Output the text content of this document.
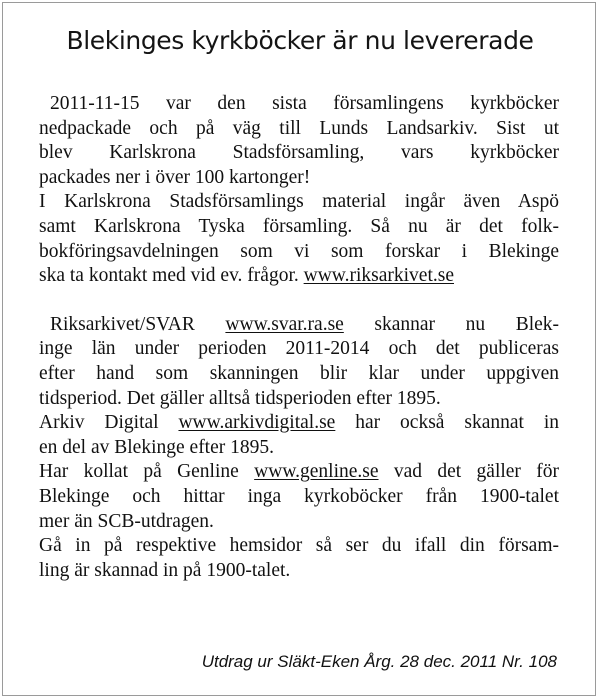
Blekinges kyrkböcker är nu levererade
2011-11-15 var den sista församlingens kyrkböcker
nedpackade och på väg till Lunds Landsarkiv. Sist ut
blev Karlskrona Stadsförsamling, vars kyrkböcker
packades ner i över 100 kartonger!
I Karlskrona Stadsförsamlings material ingår även Aspö
samt Karlskrona Tyska församling. Så nu är det folk-
bokföringsavdelningen som vi som forskar i Blekinge
ska ta kontakt med vid ev. frågor. www.riksarkivet.se
Riksarkivet/SVAR www.svar.ra.se skannar nu Blek-
inge län under perioden 2011-2014 och det publiceras
efter hand som skanningen blir klar under uppgiven
tidsperiod. Det gäller alltså tidsperioden efter 1895.
Arkiv Digital www.arkivdigital.se har också skannat in
en del av Blekinge efter 1895.
Har kollat på Genline www.genline.se vad det gäller för
Blekinge och hittar inga kyrkoböcker från 1900-talet
mer än SCB-utdragen.
Gå in på respektive hemsidor så ser du ifall din försam-
ling är skannad in på 1900-talet.
Utdrag ur Släkt-Eken Årg. 28 dec. 2011 Nr. 108
